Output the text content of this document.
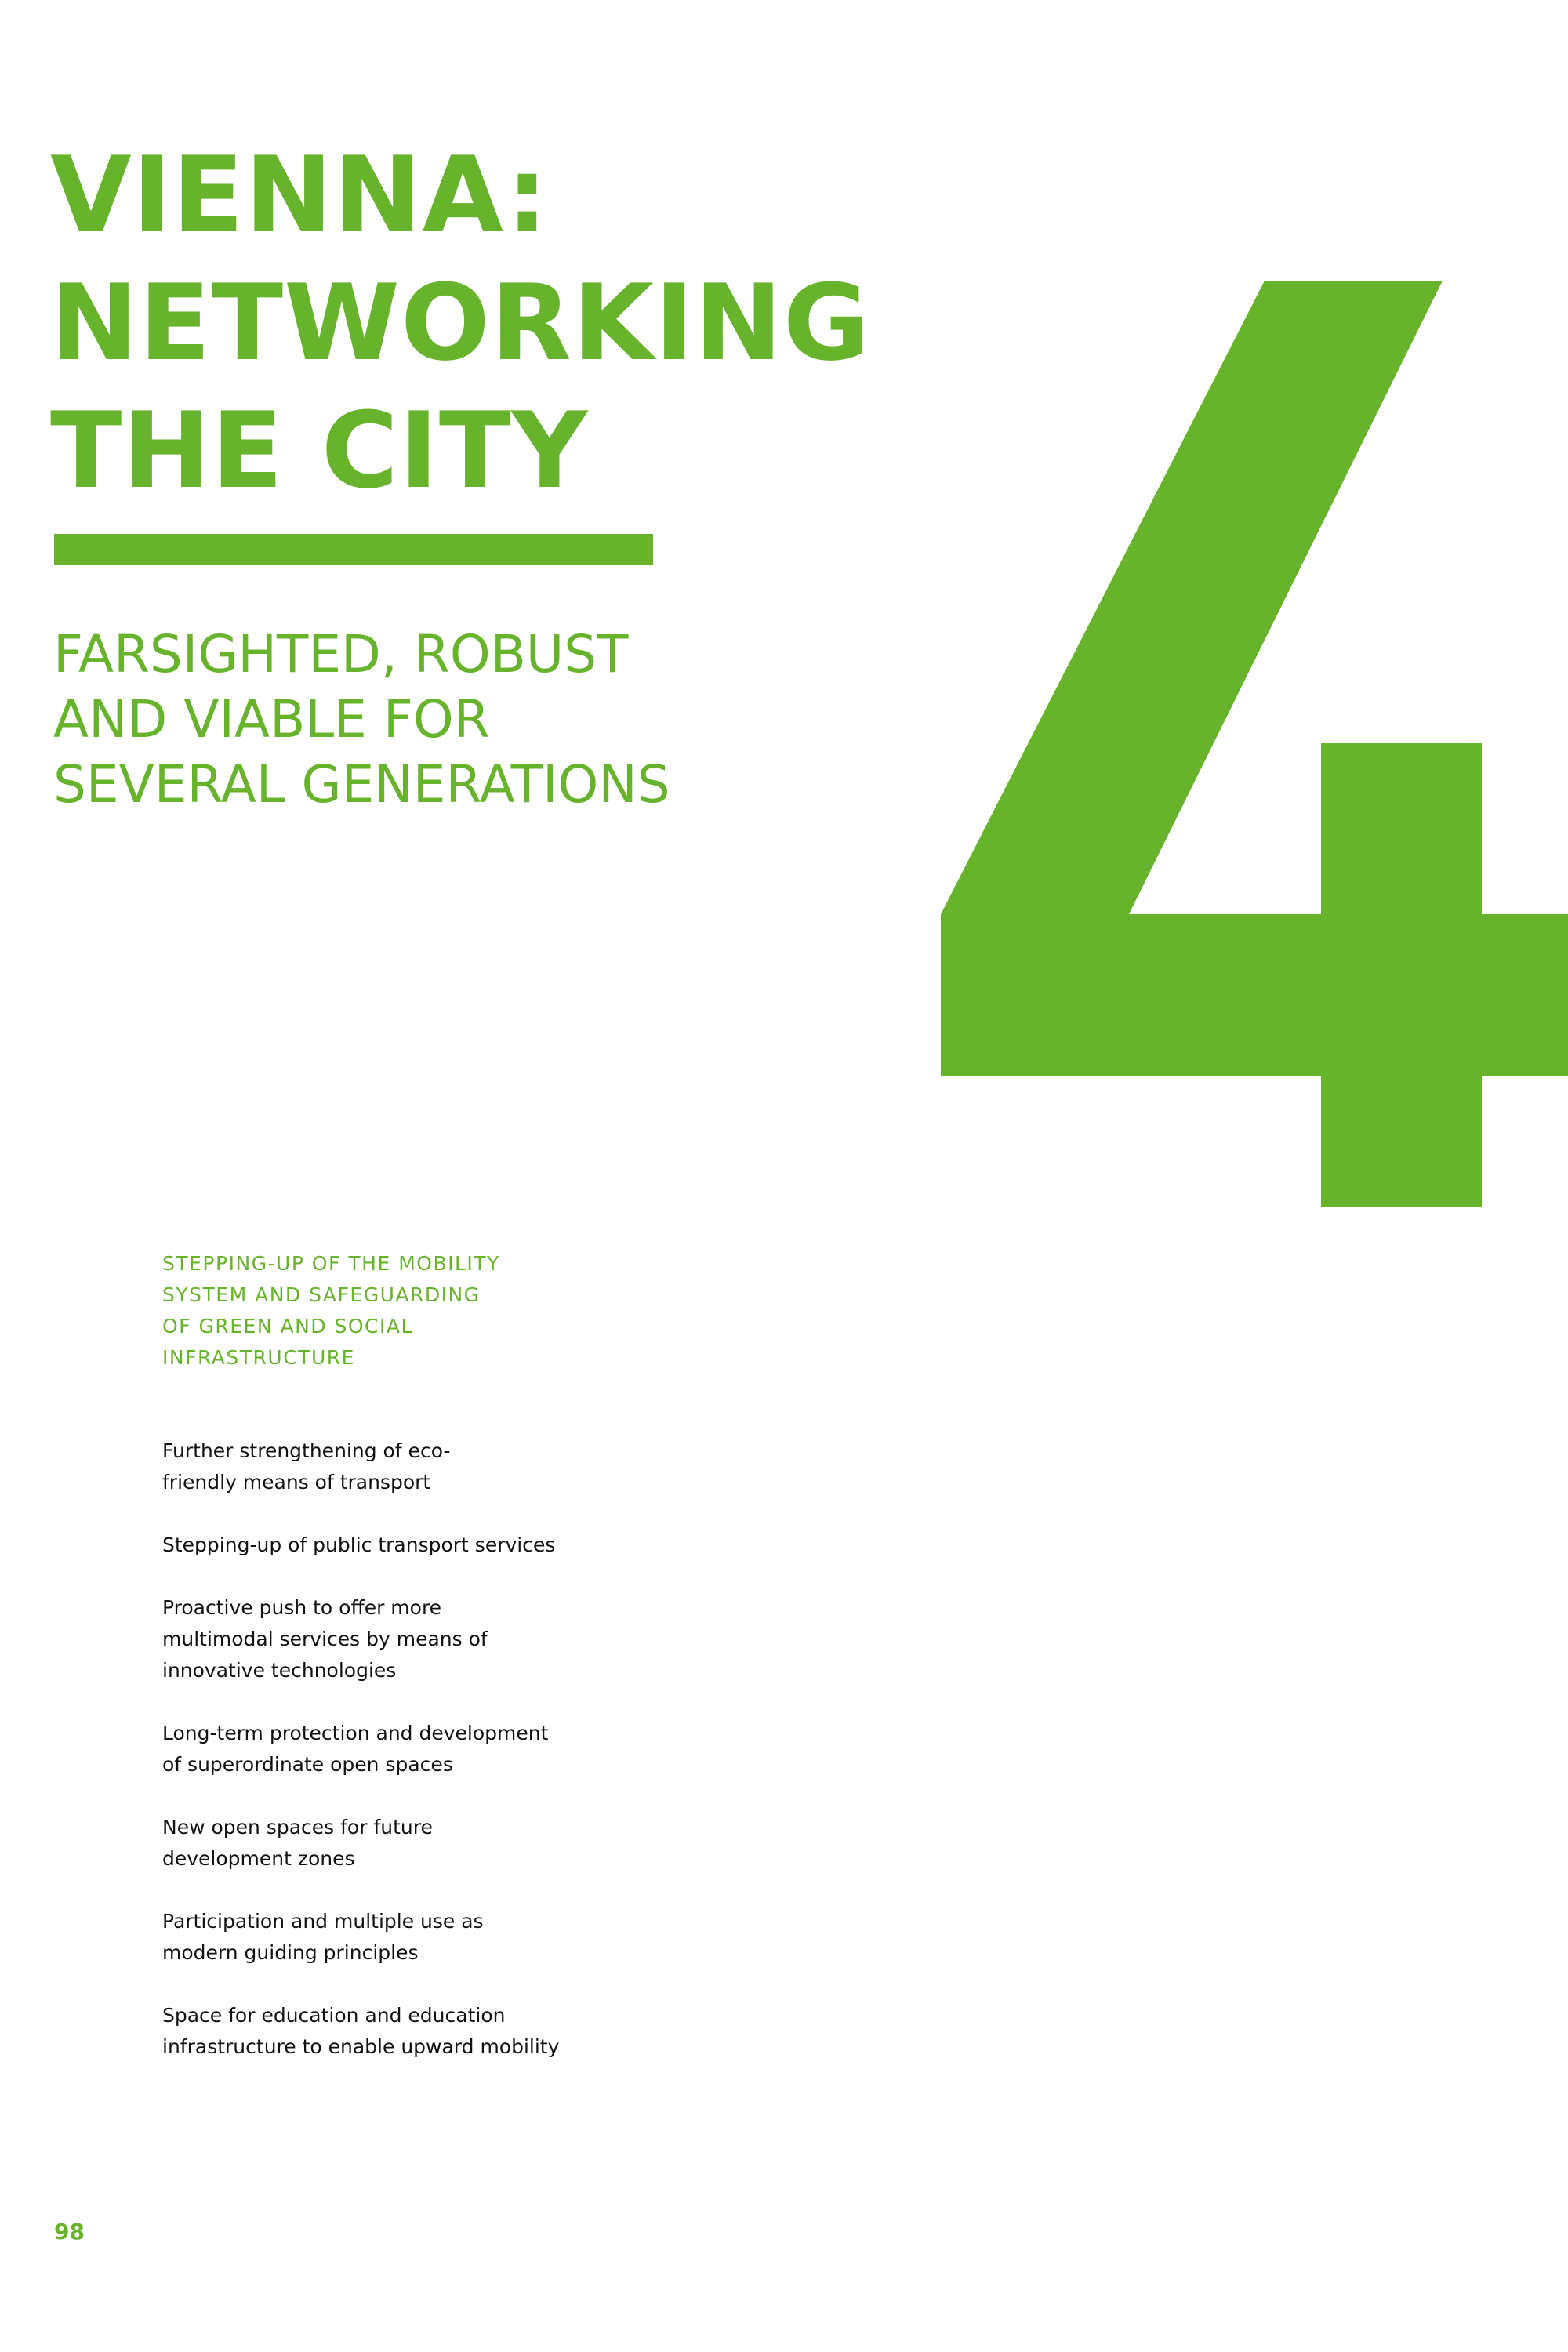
VIENNA:
NETWORKING
THE CITY
FARSIGHTED, ROBUST
AND VIABLE FOR
SEVERAL GENERATIONS
STEPPING-UP OF THE MOBILITY
SYSTEM AND SAFEGUARDING
OF GREEN AND SOCIAL
INFRASTRUCTURE
Further strengthening of eco-
friendly means of transport
Stepping-up of public transport services
Proactive push to offer more
multimodal services by means of
innovative technologies
Long-term protection and development
of superordinate open spaces
New open spaces for future
development zones
Participation and multiple use as
modern guiding principles
Space for education and education
infrastructure to enable upward mobility
98
